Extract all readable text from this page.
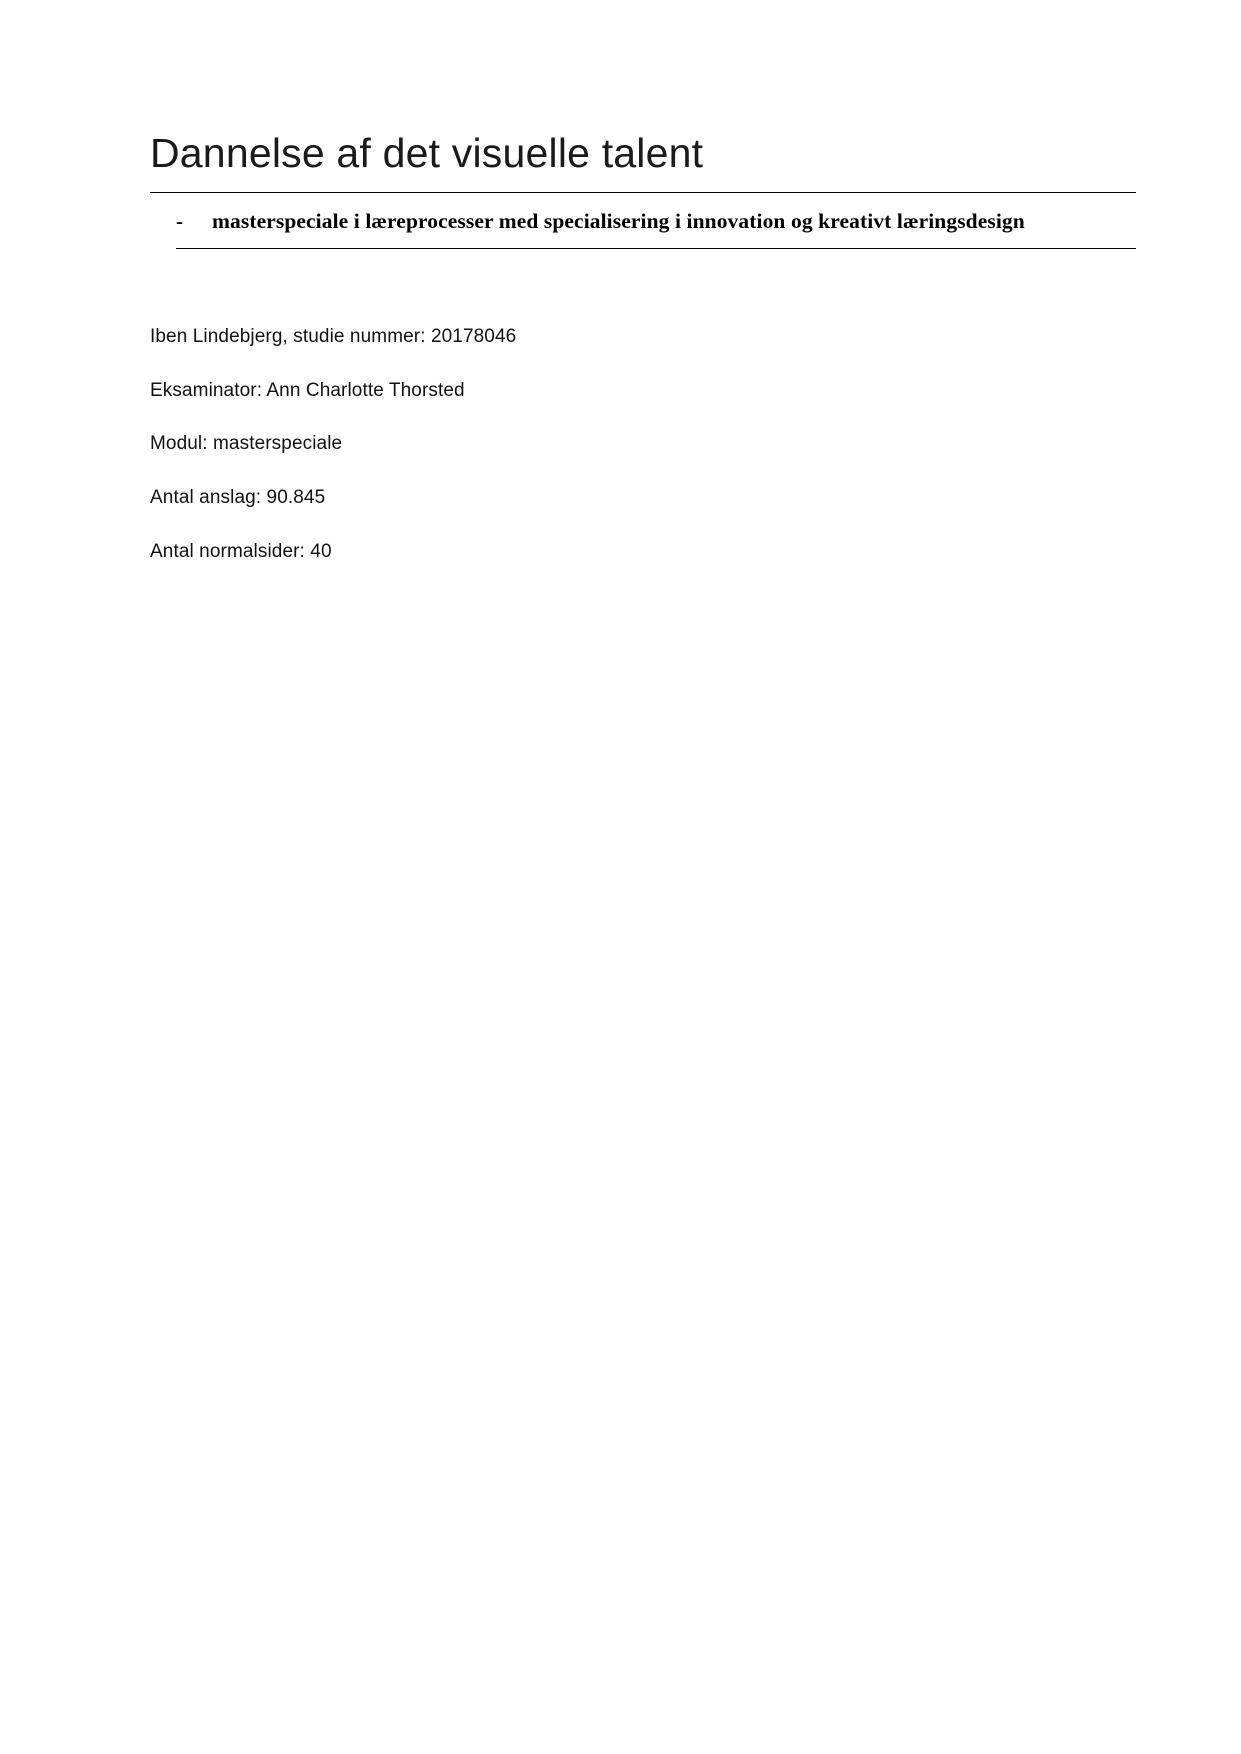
Dannelse af det visuelle talent
-	masterspeciale i læreprocesser med specialisering i innovation og kreativt læringsdesign

Iben Lindebjerg, studie nummer: 20178046

Eksaminator: Ann Charlotte Thorsted

Modul: masterspeciale

Antal anslag: 90.845

Antal normalsider: 40
